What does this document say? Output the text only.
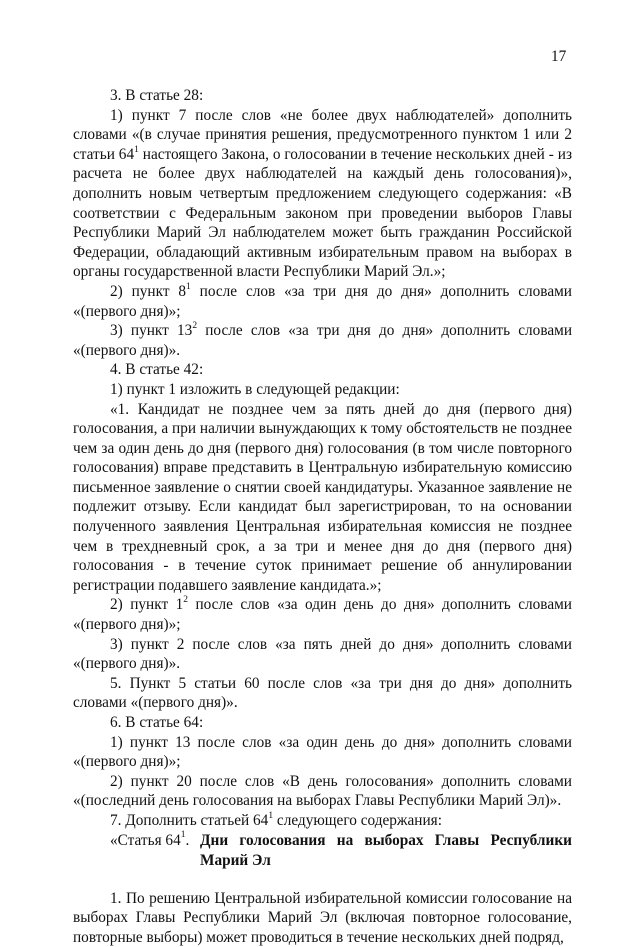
17

3. В статье 28:

1) пункт 7 после слов «не более двух наблюдателей» дополнить словами «(в случае принятия решения, предусмотренного пунктом 1 или 2 статьи $64^1$ настоящего Закона, о голосовании в течение нескольких дней - из расчета не более двух наблюдателей на каждый день голосования)», дополнить новым четвертым предложением следующего содержания: «В соответствии с Федеральным законом при проведении выборов Главы Республики Марий Эл наблюдателем может быть гражданин Российской Федерации, обладающий активным избирательным правом на выборах в органы государственной власти Республики Марий Эл.»;

2) пункт $8^1$ после слов «за три дня до дня» дополнить словами «(первого дня)»;

3) пункт $13^2$ после слов «за три дня до дня» дополнить словами «(первого дня)».

4. В статье 42:

1) пункт 1 изложить в следующей редакции:

«1. Кандидат не позднее чем за пять дней до дня (первого дня) голосования, а при наличии вынуждающих к тому обстоятельств не позднее чем за один день до дня (первого дня) голосования (в том числе повторного голосования) вправе представить в Центральную избирательную комиссию письменное заявление о снятии своей кандидатуры. Указанное заявление не подлежит отзыву. Если кандидат был зарегистрирован, то на основании полученного заявления Центральная избирательная комиссия не позднее чем в трехдневный срок, а за три и менее дня до дня (первого дня) голосования - в течение суток принимает решение об аннулировании регистрации подавшего заявление кандидата.»;

2) пункт $1^2$ после слов «за один день до дня» дополнить словами «(первого дня)»;

3) пункт 2 после слов «за пять дней до дня» дополнить словами «(первого дня)».

5. Пункт 5 статьи 60 после слов «за три дня до дня» дополнить словами «(первого дня)».

6. В статье 64:

1) пункт 13 после слов «за один день до дня» дополнить словами «(первого дня)»;

2) пункт 20 после слов «В день голосования» дополнить словами «(последний день голосования на выборах Главы Республики Марий Эл)».

7. Дополнить статьей $64^1$ следующего содержания:

«Статья $64^1$. Дни голосования на выборах Главы Республики
Марий Эл

1. По решению Центральной избирательной комиссии голосование на выборах Главы Республики Марий Эл (включая повторное голосование, повторные выборы) может проводиться в течение нескольких дней подряд,
